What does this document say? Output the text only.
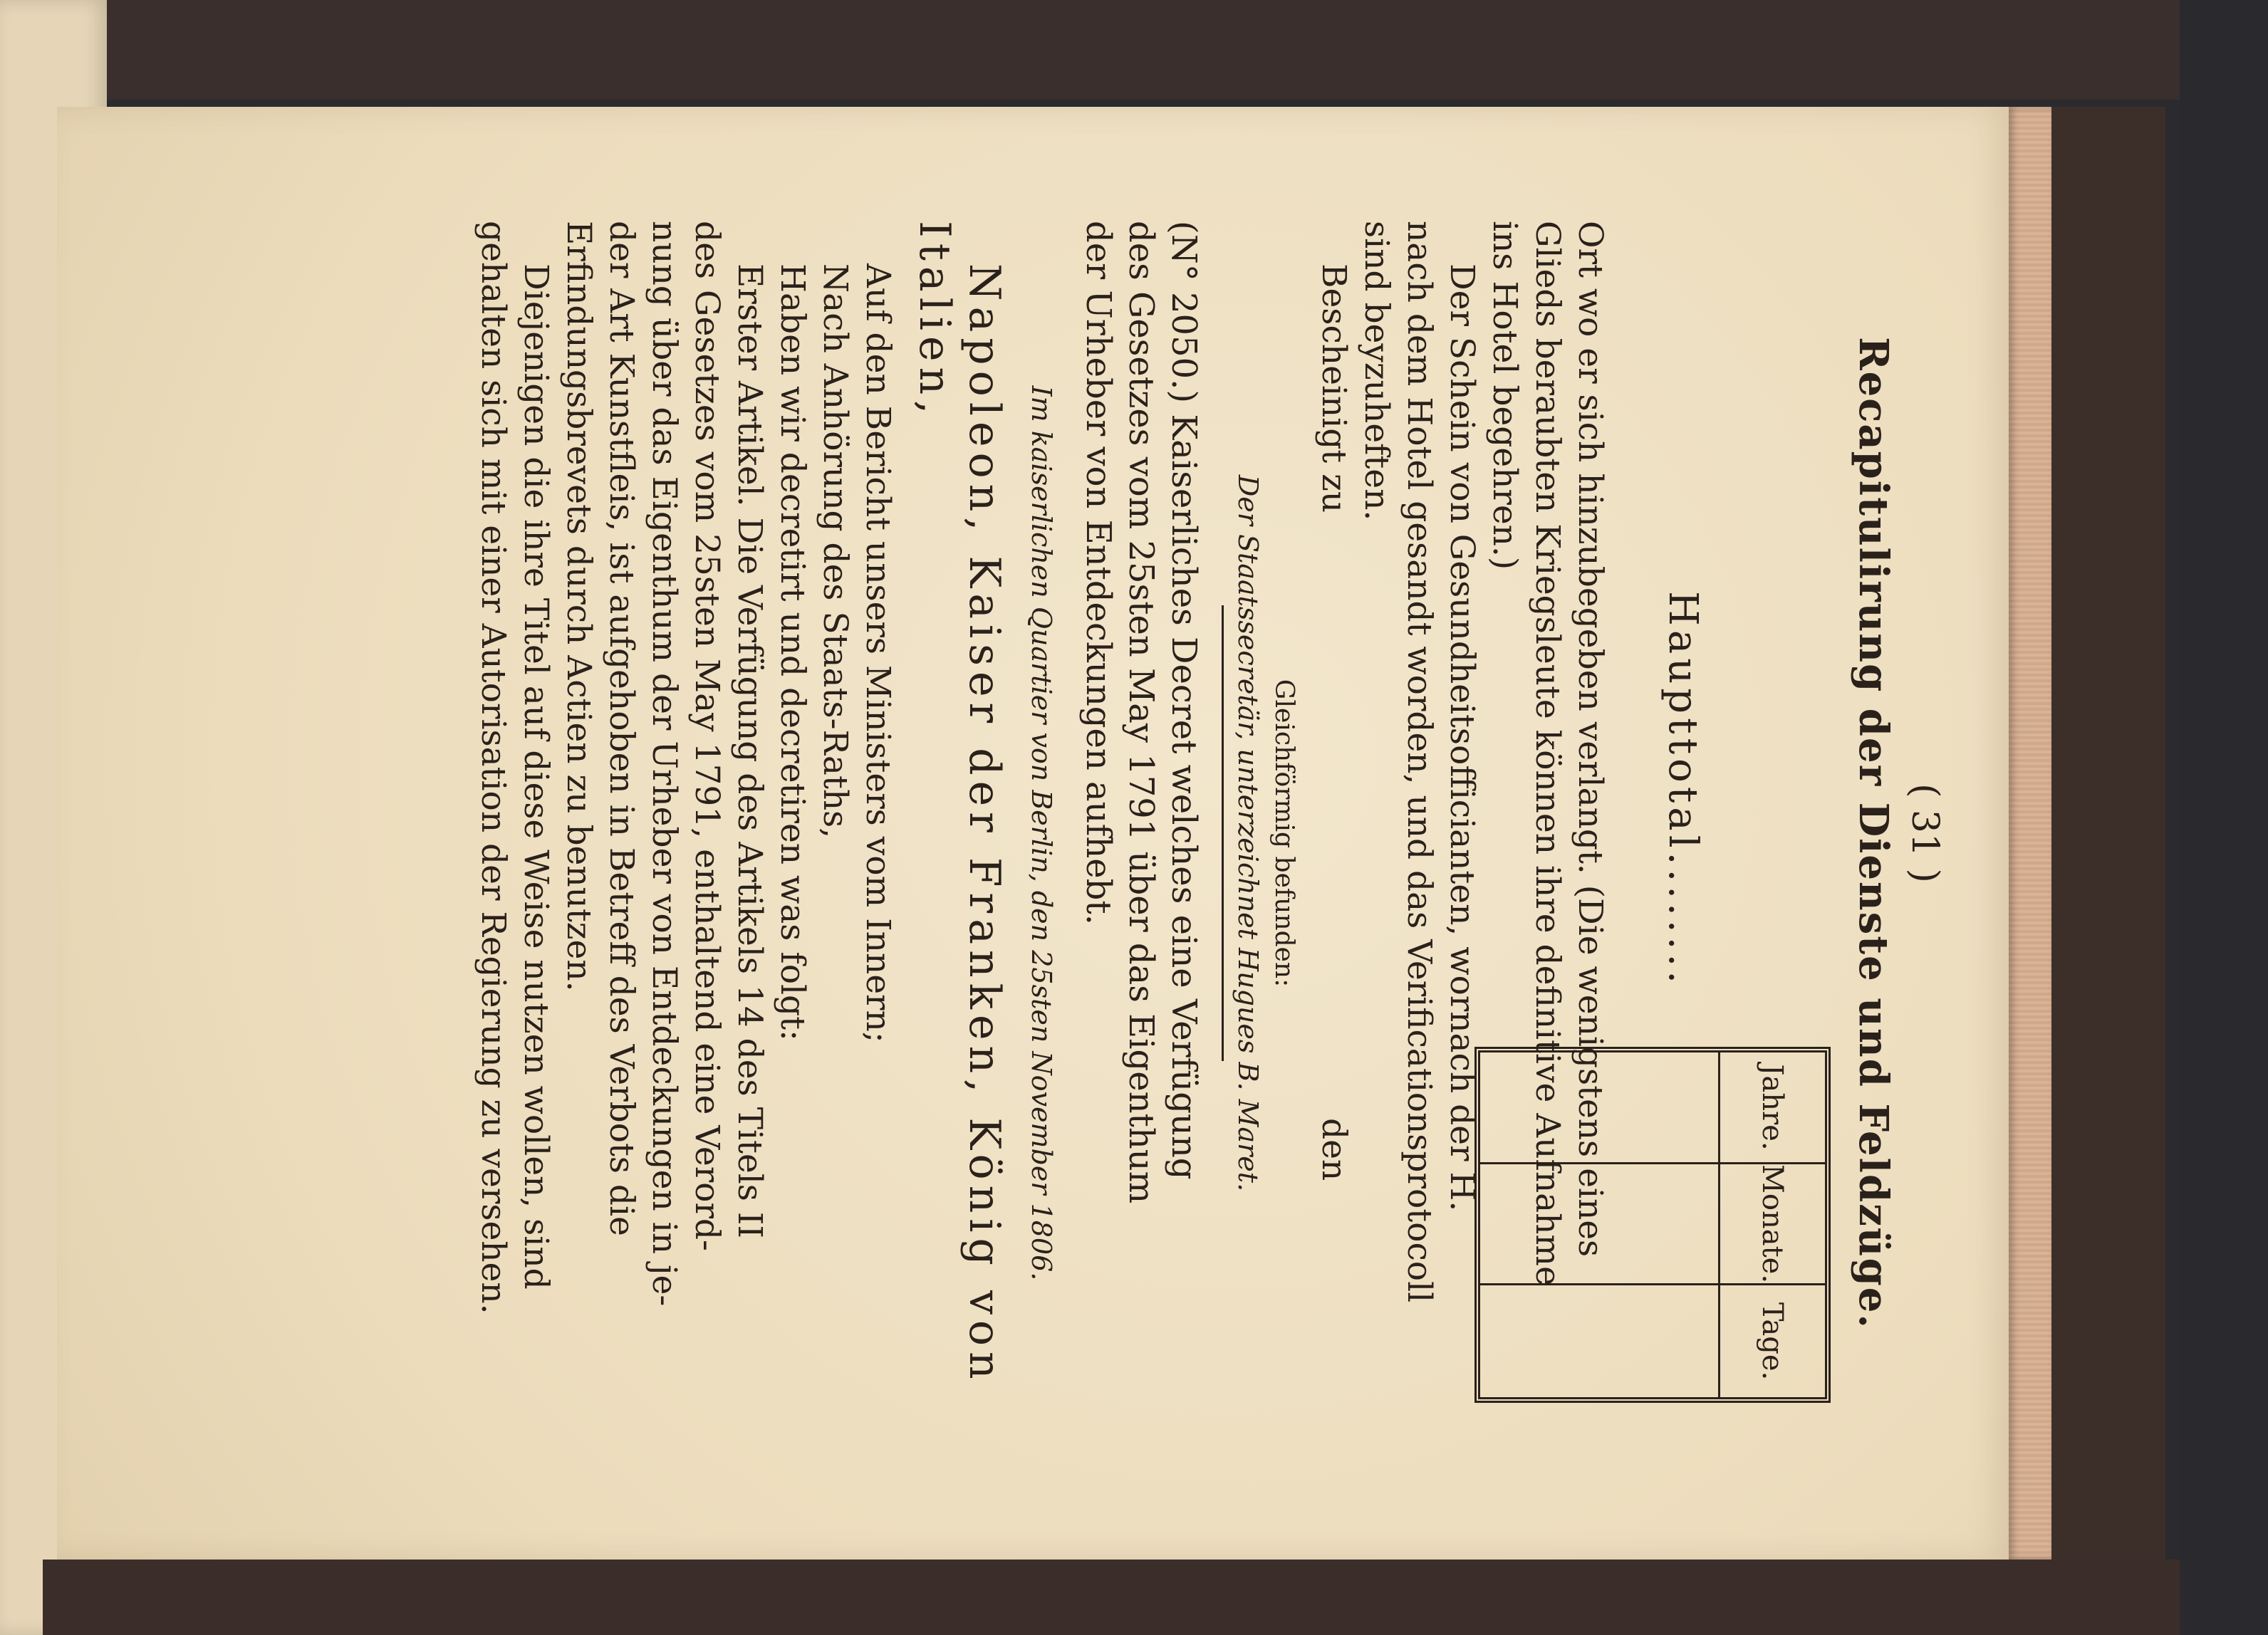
( 31 )
Recapitulirung der Dienste und Feldzüge.
Jahre.
Monate.
Tage.
Haupttotal........
Ort wo er sich hinzubegeben verlangt. (Die wenigstens eines
Glieds beraubten Kriegsleute können ihre definitive Aufnahme
ins Hotel begehren.)
Der Schein von Gesundheitsofficianten, wornach der H.
nach dem Hotel gesandt worden, und das Verificationsprotocoll
sind beyzuheften.
Bescheinigt zu
den
Gleichförmig befunden:
Der Staatssecretär, unterzeichnet Hugues B. Maret.
(N° 2050.) Kaiserliches Decret welches eine Verfügung
des Gesetzes vom 25sten May 1791 über das Eigenthum
der Urheber von Entdeckungen aufhebt.
Im kaiserlichen Quartier von Berlin, den 25sten November 1806.
Napoleon, Kaiser der Franken, König von
Italien,
Auf den Bericht unsers Ministers vom Innern;
Nach Anhörung des Staats-Raths,
Haben wir decretirt und decretiren was folgt:
Erster Artikel. Die Verfügung des Artikels 14 des Titels II
des Gesetzes vom 25sten May 1791, enthaltend eine Verord-
nung über das Eigenthum der Urheber von Entdeckungen in je-
der Art Kunstfleis, ist aufgehoben in Betreff des Verbots die
Erfindungsbrevets durch Actien zu benutzen.
Diejenigen die ihre Titel auf diese Weise nutzen wollen, sind
gehalten sich mit einer Autorisation der Regierung zu versehen.
